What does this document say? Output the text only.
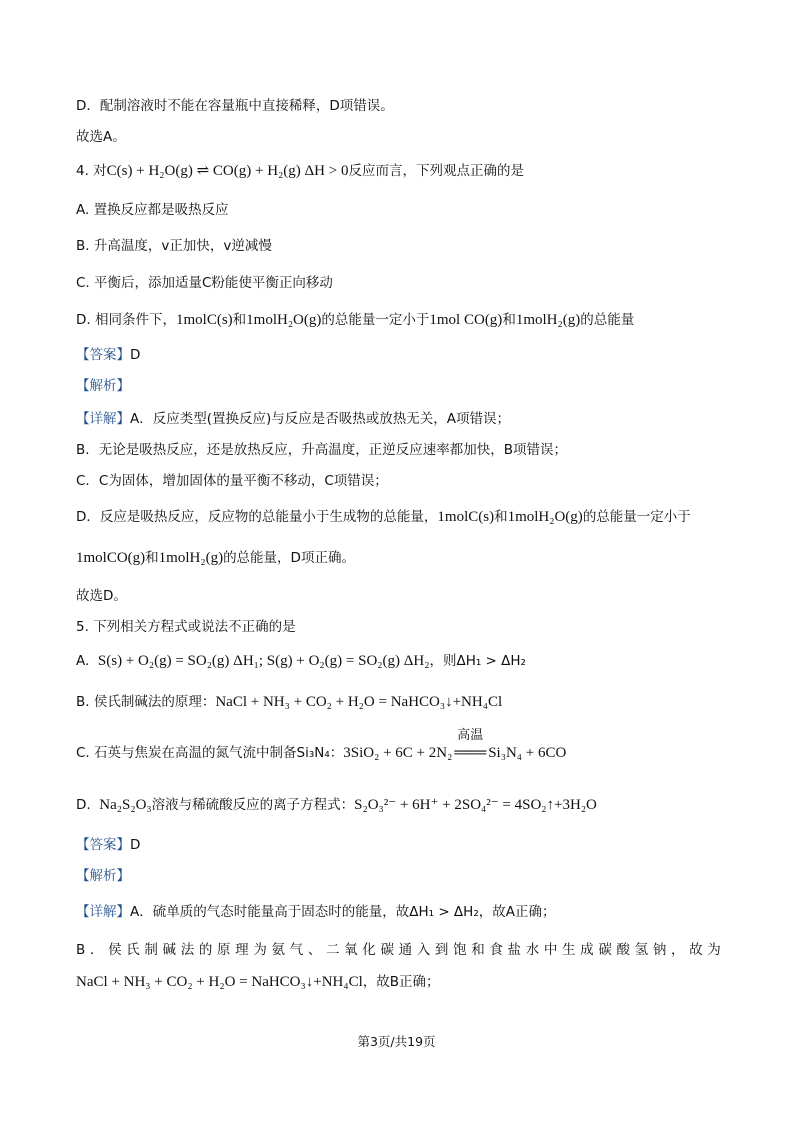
D．配制溶液时不能在容量瓶中直接稀释，D项错误。
故选A。
4. 对C(s) + H₂O(g) ⇌ CO(g) + H₂(g) ΔH > 0反应而言，下列观点正确的是
A. 置换反应都是吸热反应
B. 升高温度，v正加快，v逆减慢
C. 平衡后，添加适量C粉能使平衡正向移动
D. 相同条件下，1molC(s)和1molH₂O(g)的总能量一定小于1mol CO(g)和1molH₂(g)的总能量
【答案】D
【解析】
【详解】A．反应类型(置换反应)与反应是否吸热或放热无关，A项错误；
B．无论是吸热反应，还是放热反应，升高温度，正逆反应速率都加快，B项错误；
C．C为固体，增加固体的量平衡不移动，C项错误；
D．反应是吸热反应，反应物的总能量小于生成物的总能量，1molC(s)和1molH₂O(g)的总能量一定小于
1molCO(g)和1molH₂(g)的总能量，D项正确。
故选D。
5. 下列相关方程式或说法不正确的是
A. S(s) + O₂(g) = SO₂(g) ΔH₁; S(g) + O₂(g) = SO₂(g) ΔH₂，则ΔH₁ > ΔH₂
B. 侯氏制碱法的原理：NaCl + NH₃ + CO₂ + H₂O = NaHCO₃↓+NH₄Cl
C. 石英与焦炭在高温的氮气流中制备Si₃N₄：3SiO₂ + 6C + 2N₂
高温
═══ Si₃N₄ + 6CO
D. Na₂S₂O₃溶液与稀硫酸反应的离子方程式：S₂O₃²⁻ + 6H⁺ + 2SO₄²⁻ = 4SO₂↑+3H₂O
【答案】D
【解析】
【详解】A．硫单质的气态时能量高于固态时的能量，故ΔH₁ > ΔH₂，故A正确；
B．侯氏制碱法的原理为氨气、二氧化碳通入到饱和食盐水中生成碳酸氢钠，故为
NaCl + NH₃ + CO₂ + H₂O = NaHCO₃↓+NH₄Cl，故B正确；
第3页/共19页
